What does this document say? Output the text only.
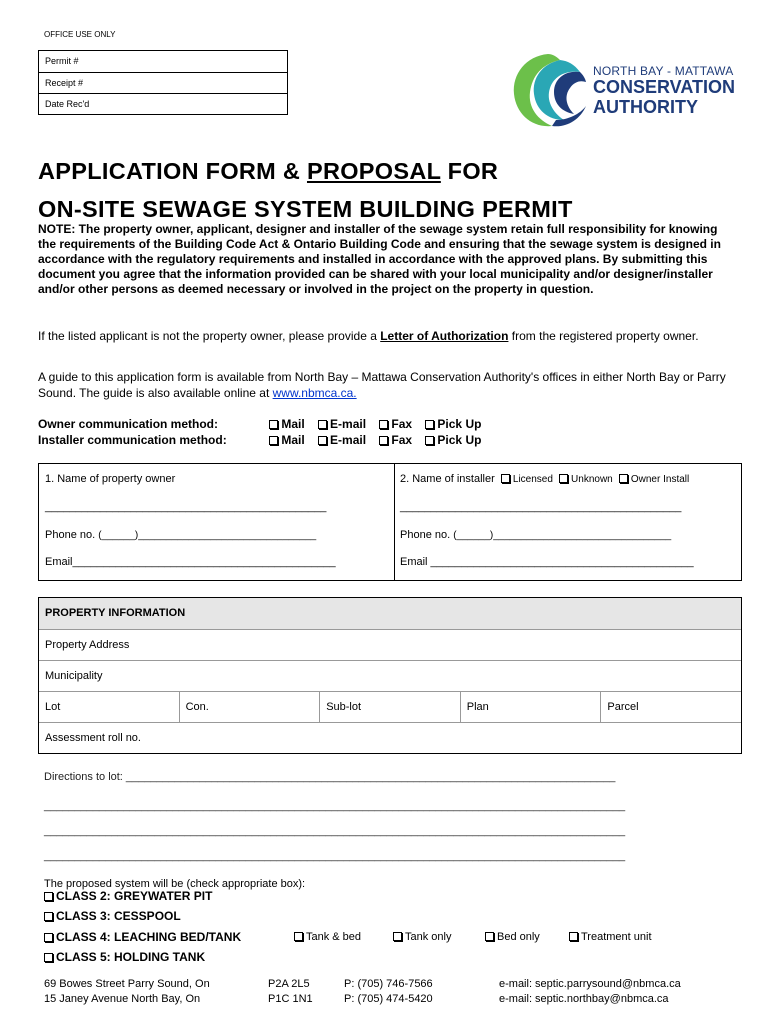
OFFICE USE ONLY
Permit #
Receipt #
Date Rec'd
NORTH BAY - MATTAWA
CONSERVATION
AUTHORITY
APPLICATION FORM & PROPOSAL FOR
ON-SITE SEWAGE SYSTEM BUILDING PERMIT
NOTE: The property owner, applicant, designer and installer of the sewage system retain full responsibility for knowing the requirements of the Building Code Act & Ontario Building Code and ensuring that the sewage system is designed in accordance with the regulatory requirements and installed in accordance with the approved plans. By submitting this document you agree that the information provided can be shared with your local municipality and/or designer/installer and/or other persons as deemed necessary or involved in the project on the property in question.
If the listed applicant is not the property owner, please provide a Letter of Authorization from the registered property owner.
A guide to this application form is available from North Bay – Mattawa Conservation Authority's offices in either North Bay or Parry Sound. The guide is also available online at www.nbmca.ca.
Owner communication method:	Mail E-mail Fax Pick Up
Installer communication method:	Mail E-mail Fax Pick Up
1. Name of property owner
______________________________________________
Phone no. (______)________________________________
Email___________________________________________
2. Name of installer Licensed Unknown Owner Install
______________________________________________
Phone no. (______)________________________________
Email ___________________________________________
PROPERTY INFORMATION
Property Address
Municipality
Lot	Con.	Sub-lot	Plan	Parcel
Assessment roll no.
Directions to lot: ________________________________________________________________________________
_______________________________________________________________________________________________
_______________________________________________________________________________________________
_______________________________________________________________________________________________
The proposed system will be (check appropriate box):
CLASS 2: GREYWATER PIT
CLASS 3: CESSPOOL
CLASS 4: LEACHING BED/TANK	Tank & bed	Tank only	Bed only	Treatment unit
CLASS 5: HOLDING TANK
69 Bowes Street Parry Sound, On	P2A 2L5	P: (705) 746-7566	e-mail: septic.parrysound@nbmca.ca
15 Janey Avenue North Bay, On	P1C 1N1	P: (705) 474-5420	e-mail: septic.northbay@nbmca.ca
